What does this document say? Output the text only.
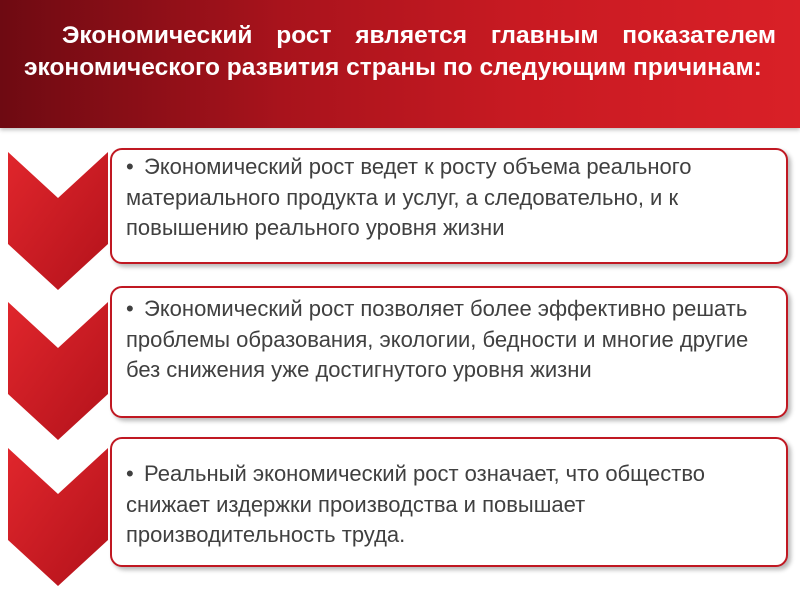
Экономический рост является главным показателем экономического развития страны по следующим причинам:

• Экономический рост ведет к росту объема реального материального продукта и услуг, а следовательно, и к повышению реального уровня жизни

• Экономический рост позволяет более эффективно решать проблемы образования, экологии, бедности и многие другие без снижения уже достигнутого уровня жизни

• Реальный экономический рост означает, что общество снижает издержки производства и повышает производительность труда.
